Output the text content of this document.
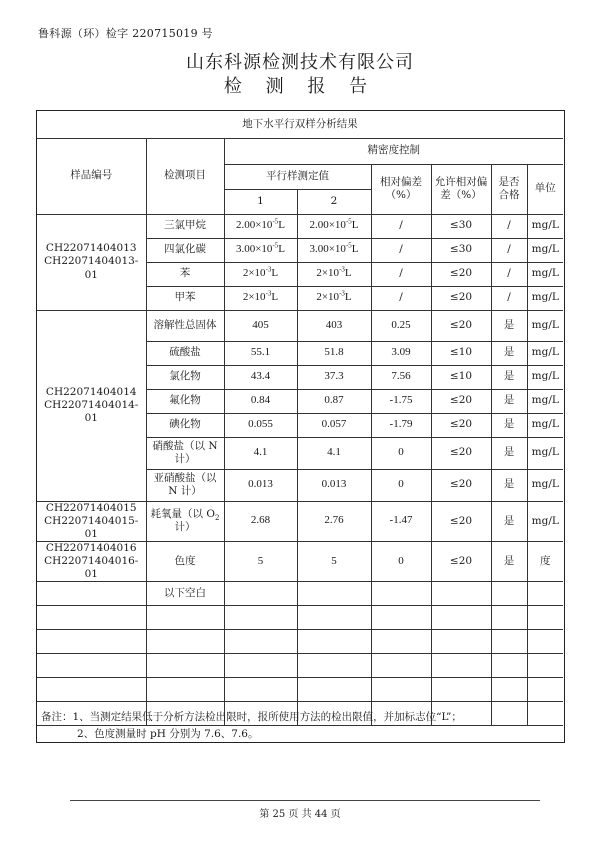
鲁科源（环）检字 220715019 号
山东科源检测技术有限公司
检 测 报 告
地下水平行双样分析结果							
样品编号	检测项目	精密度控制					
		平行样测定值		相对偏差（%）	允许相对偏差（%）	是否合格	单位
		1	2				
CH22071404013
CH22071404013-01	三氯甲烷	$2.00\times 10^{-5}L$	$2.00\times 10^{-5}L$	/	≤30	/	mg/L
	四氯化碳	$3.00\times 10^{-5}L$	$3.00\times 10^{-5}L$	/	≤30	/	mg/L
	苯	$2\times 10^{-3}L$	$2\times 10^{-3}L$	/	≤20	/	mg/L
	甲苯	$2\times 10^{-3}L$	$2\times 10^{-3}L$	/	≤20	/	mg/L
CH22071404014
CH22071404014-01	溶解性总固体	405	403	0.25	≤20	是	mg/L
	硫酸盐	55.1	51.8	3.09	≤10	是	mg/L
	氯化物	43.4	37.3	7.56	≤10	是	mg/L
	氟化物	0.84	0.87	-1.75	≤20	是	mg/L
	碘化物	0.055	0.057	-1.79	≤20	是	mg/L
	硝酸盐（以 N 计）	4.1	4.1	0	≤20	是	mg/L
	亚硝酸盐（以 N 计）	0.013	0.013	0	≤20	是	mg/L
CH22071404015
CH22071404015-01	耗氧量（以 $O_2$计）	2.68	2.76	-1.47	≤20	是	mg/L
CH22071404016
CH22071404016-01	色度	5	5	0	≤20	是	度
	以下空白						

备注：1、当测定结果低于分析方法检出限时，报所使用方法的检出限值，并加标志位“L”；
2、色度测量时 pH 分别为 7.6、7.6。
第 25 页 共 44 页
